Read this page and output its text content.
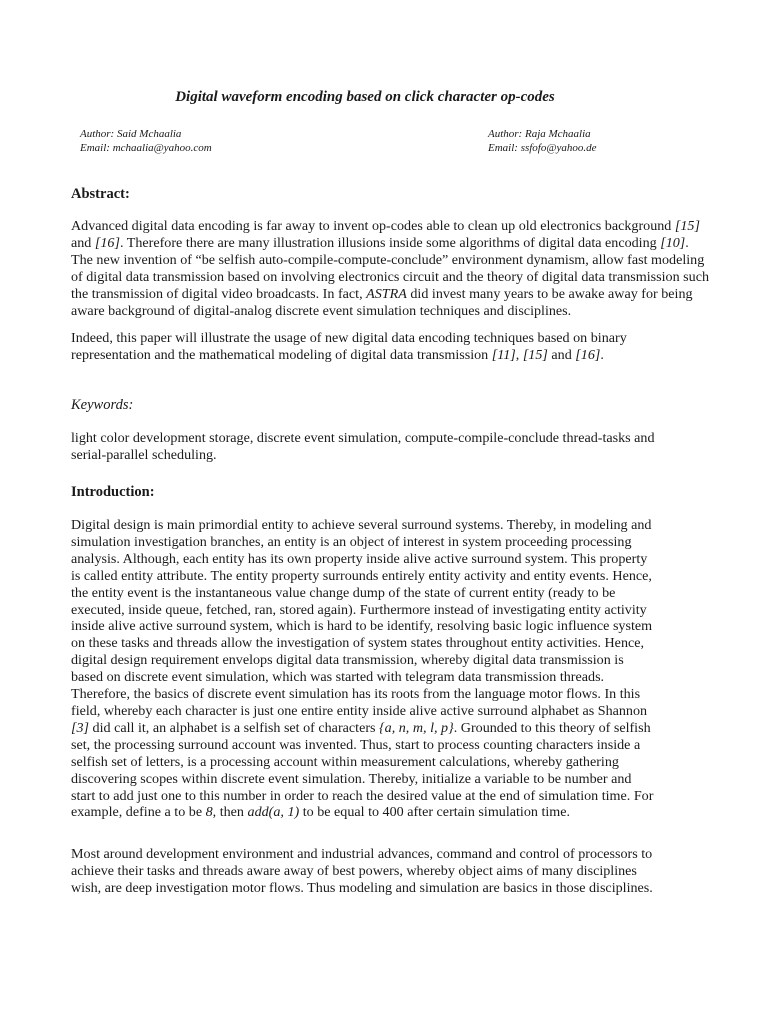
Digital waveform encoding based on click character op-codes
Author: Said Mchaalia
Email: mchaalia@yahoo.com
Author: Raja Mchaalia
Email: ssfofo@yahoo.de
Abstract:
Advanced digital data encoding is far away to invent op-codes able to clean up old electronics background [15]
and [16]. Therefore there are many illustration illusions inside some algorithms of digital data encoding [10].
The new invention of “be selfish auto-compile-compute-conclude” environment dynamism, allow fast modeling
of digital data transmission based on involving electronics circuit and the theory of digital data transmission such
the transmission of digital video broadcasts. In fact, ASTRA did invest many years to be awake away for being
aware background of digital-analog discrete event simulation techniques and disciplines.
Indeed, this paper will illustrate the usage of new digital data encoding techniques based on binary
representation and the mathematical modeling of digital data transmission [11], [15] and [16].
Keywords:
light color development storage, discrete event simulation, compute-compile-conclude thread-tasks and
serial-parallel scheduling.
Introduction:
Digital design is main primordial entity to achieve several surround systems. Thereby, in modeling and
simulation investigation branches, an entity is an object of interest in system proceeding processing
analysis. Although, each entity has its own property inside alive active surround system. This property
is called entity attribute. The entity property surrounds entirely entity activity and entity events. Hence,
the entity event is the instantaneous value change dump of the state of current entity (ready to be
executed, inside queue, fetched, ran, stored again). Furthermore instead of investigating entity activity
inside alive active surround system, which is hard to be identify, resolving basic logic influence system
on these tasks and threads allow the investigation of system states throughout entity activities. Hence,
digital design requirement envelops digital data transmission, whereby digital data transmission is
based on discrete event simulation, which was started with telegram data transmission threads.
Therefore, the basics of discrete event simulation has its roots from the language motor flows. In this
field, whereby each character is just one entire entity inside alive active surround alphabet as Shannon
[3] did call it, an alphabet is a selfish set of characters {a, n, m, l, p}. Grounded to this theory of selfish
set, the processing surround account was invented. Thus, start to process counting characters inside a
selfish set of letters, is a processing account within measurement calculations, whereby gathering
discovering scopes within discrete event simulation. Thereby, initialize a variable to be number and
start to add just one to this number in order to reach the desired value at the end of simulation time. For
example, define a to be 8, then add(a, 1) to be equal to 400 after certain simulation time.
Most around development environment and industrial advances, command and control of processors to
achieve their tasks and threads aware away of best powers, whereby object aims of many disciplines
wish, are deep investigation motor flows. Thus modeling and simulation are basics in those disciplines.
